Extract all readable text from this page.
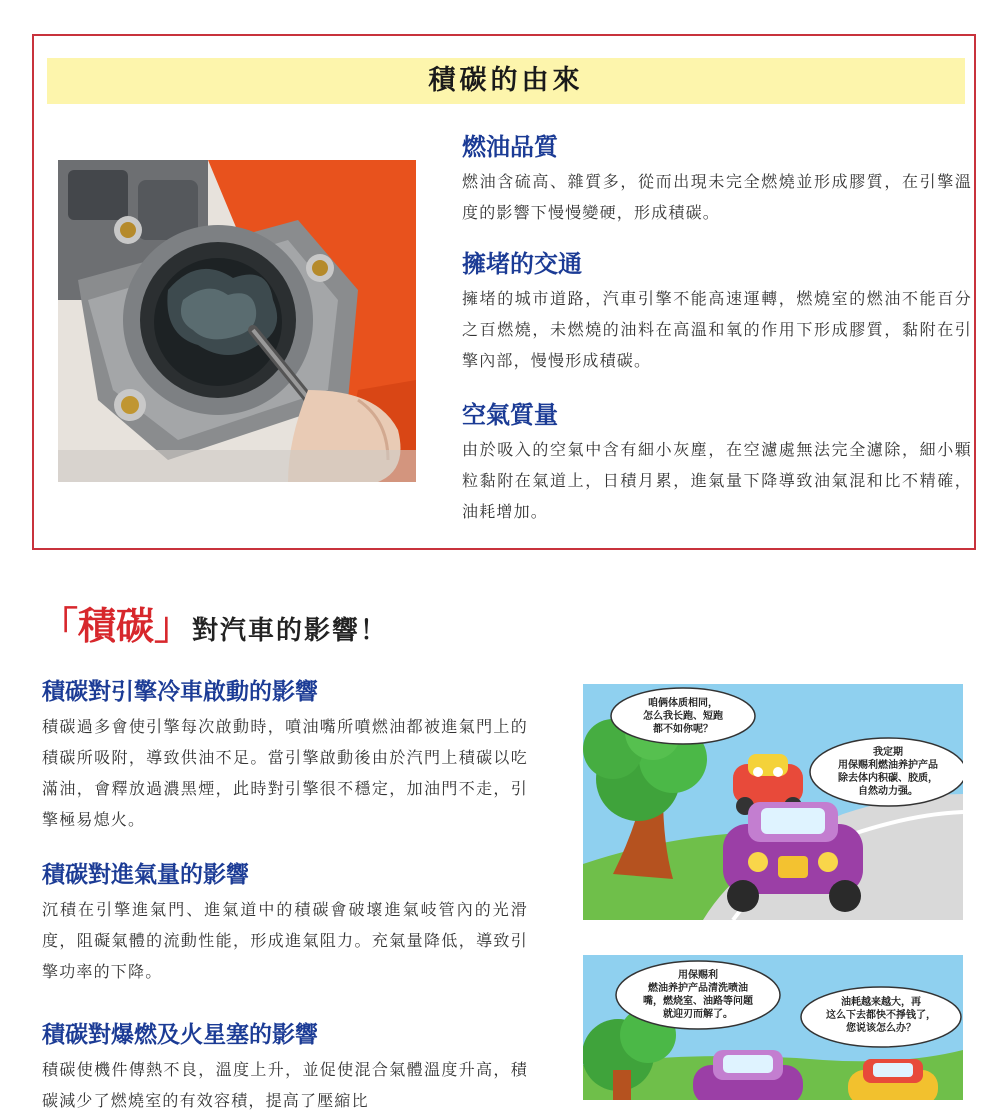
積碳的由來
燃油品質

燃油含硫高、雜質多，從而出現未完全燃燒並形成膠質，在引擎溫度的影響下慢慢變硬，形成積碳。

擁堵的交通

擁堵的城市道路，汽車引擎不能高速運轉，燃燒室的燃油不能百分之百燃燒，未燃燒的油料在高溫和氧的作用下形成膠質，黏附在引擎內部，慢慢形成積碳。

空氣質量

由於吸入的空氣中含有細小灰塵，在空濾處無法完全濾除，細小顆粒黏附在氣道上，日積月累，進氣量下降導致油氣混和比不精確，油耗增加。

「積碳」對汽車的影響！
積碳對引擎冷車啟動的影響

積碳過多會使引擎每次啟動時，噴油嘴所噴燃油都被進氣門上的積碳所吸附，導致供油不足。當引擎啟動後由於汽門上積碳以吃滿油，會釋放過濃黑煙，此時對引擎很不穩定，加油門不走，引擎極易熄火。

積碳對進氣量的影響

沉積在引擎進氣門、進氣道中的積碳會破壞進氣岐管內的光滑度，阻礙氣體的流動性能，形成進氣阻力。充氣量降低，導致引擎功率的下降。

積碳對爆燃及火星塞的影響

積碳使機件傳熱不良，溫度上升，並促使混合氣體溫度升高，積碳減少了燃燒室的有效容積，提高了壓縮比

咱俩体质相同，
怎么我长跑、短跑
都不如你呢？
我定期
用保赐利燃油养护产品
除去体内积碳、胶质，
自然动力强。
用保赐利
燃油养护产品清洗喷油
嘴，燃烧室、油路等问题
就迎刃而解了。
油耗越来越大，再
这么下去都快不掙钱了，
您说该怎么办？
